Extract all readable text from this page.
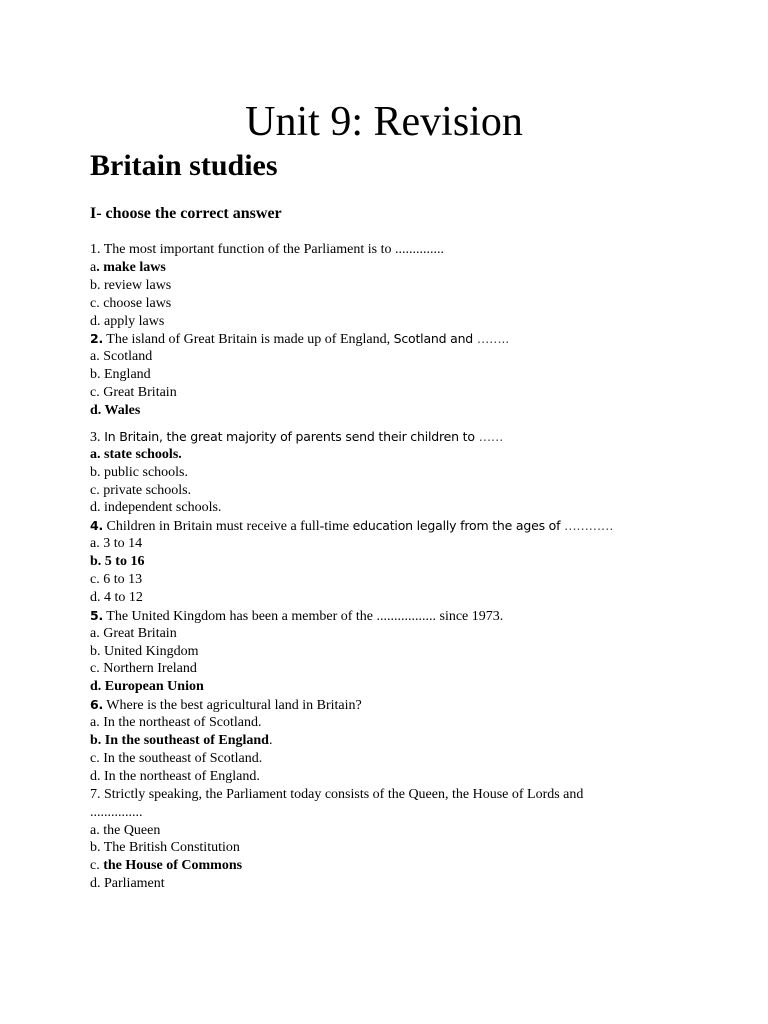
Unit 9: Revision
Britain studies
I- choose the correct answer
1. The most important function of the Parliament is to ..............
a. make laws
b. review laws
c. choose laws
d. apply laws
2. The island of Great Britain is made up of England, Scotland and ……..
a. Scotland
b. England
c. Great Britain
d. Wales
3. In Britain, the great majority of parents send their children to ……
a. state schools.
b. public schools.
c. private schools.
d. independent schools.
4. Children in Britain must receive a full-time education legally from the ages of …………
a. 3 to 14
b. 5 to 16
c. 6 to 13
d. 4 to 12
5. The United Kingdom has been a member of the ................. since 1973.
a. Great Britain
b. United Kingdom
c. Northern Ireland
d. European Union
6. Where is the best agricultural land in Britain?
a. In the northeast of Scotland.
b. In the southeast of England.
c. In the southeast of Scotland.
d. In the northeast of England.
7. Strictly speaking, the Parliament today consists of the Queen, the House of Lords and
...............
a. the Queen
b. The British Constitution
c. the House of Commons
d. Parliament
